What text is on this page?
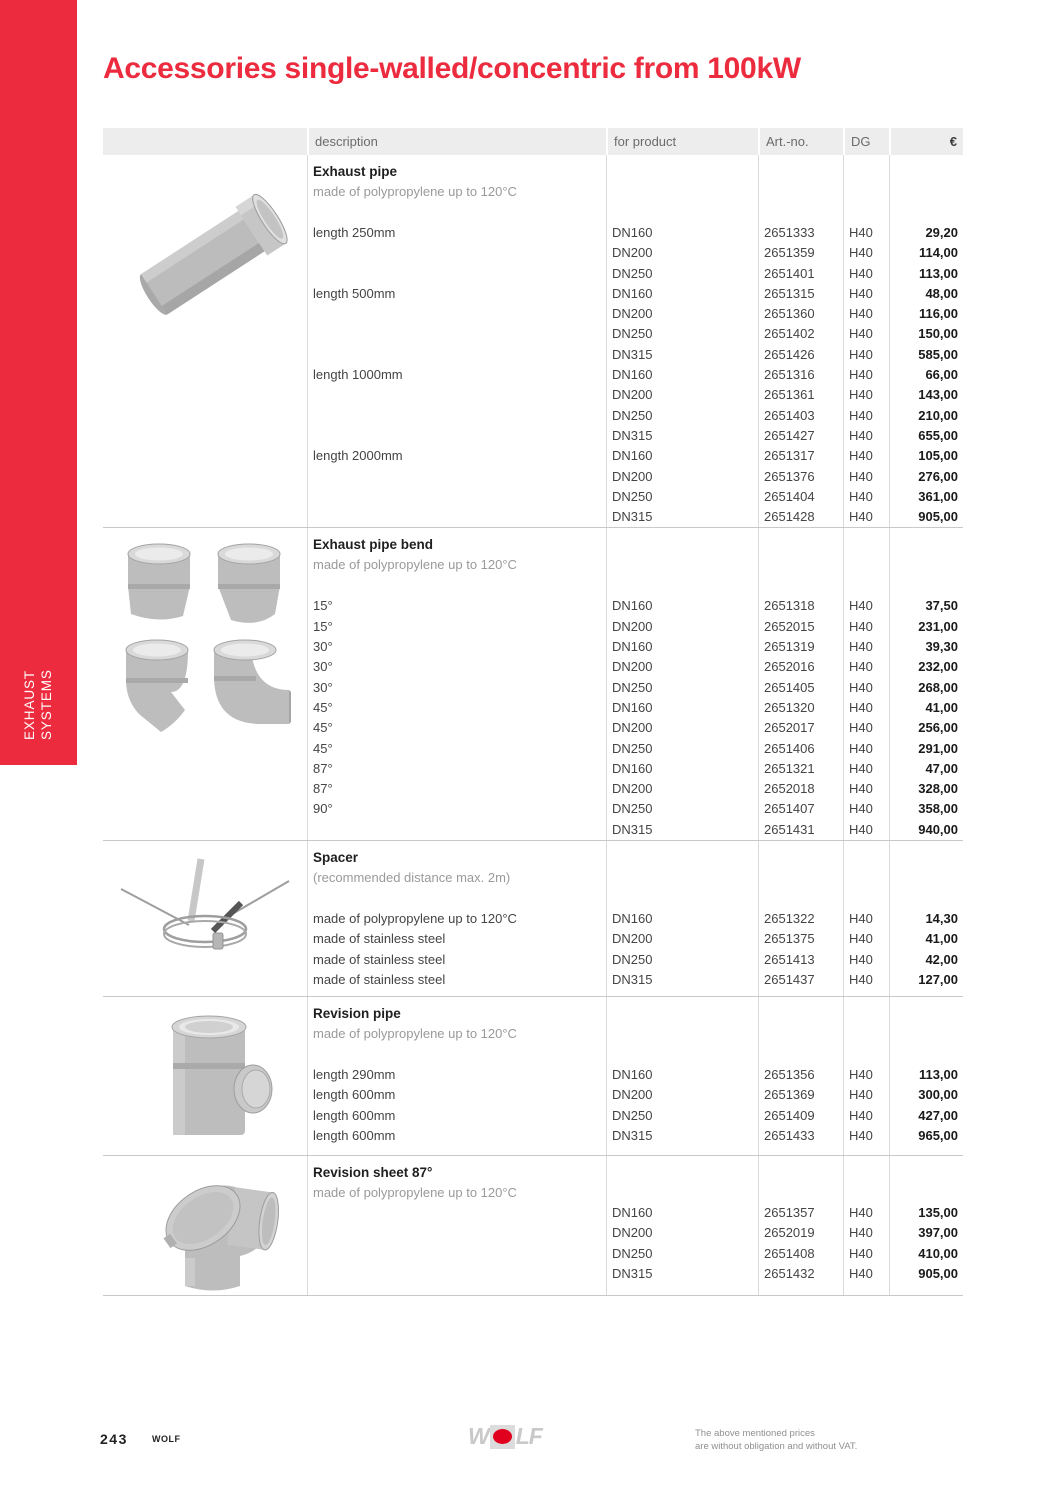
EXHAUST SYSTEMS
Accessories single-walled/concentric from 100kW
description	for product	Art.-no.	DG	€
Exhaust pipe
made of polypropylene up to 120°C
length 250mm	DN160	2651333	H40	29,20
DN200	2651359	H40	114,00
DN250	2651401	H40	113,00
length 500mm	DN160	2651315	H40	48,00
DN200	2651360	H40	116,00
DN250	2651402	H40	150,00
DN315	2651426	H40	585,00
length 1000mm	DN160	2651316	H40	66,00
DN200	2651361	H40	143,00
DN250	2651403	H40	210,00
DN315	2651427	H40	655,00
length 2000mm	DN160	2651317	H40	105,00
DN200	2651376	H40	276,00
DN250	2651404	H40	361,00
DN315	2651428	H40	905,00
Exhaust pipe bend
made of polypropylene up to 120°C
15°	DN160	2651318	H40	37,50
15°	DN200	2652015	H40	231,00
30°	DN160	2651319	H40	39,30
30°	DN200	2652016	H40	232,00
30°	DN250	2651405	H40	268,00
45°	DN160	2651320	H40	41,00
45°	DN200	2652017	H40	256,00
45°	DN250	2651406	H40	291,00
87°	DN160	2651321	H40	47,00
87°	DN200	2652018	H40	328,00
90°	DN250	2651407	H40	358,00
DN315	2651431	H40	940,00
Spacer
(recommended distance max. 2m)
made of polypropylene up to 120°C	DN160	2651322	H40	14,30
made of stainless steel	DN200	2651375	H40	41,00
made of stainless steel	DN250	2651413	H40	42,00
made of stainless steel	DN315	2651437	H40	127,00
Revision pipe
made of polypropylene up to 120°C
length 290mm	DN160	2651356	H40	113,00
length 600mm	DN200	2651369	H40	300,00
length 600mm	DN250	2651409	H40	427,00
length 600mm	DN315	2651433	H40	965,00
Revision sheet 87°
made of polypropylene up to 120°C
DN160	2651357	H40	135,00
DN200	2652019	H40	397,00
DN250	2651408	H40	410,00
DN315	2651432	H40	905,00
243	WOLF	W LF	The above mentioned prices
are without obligation and without VAT.
